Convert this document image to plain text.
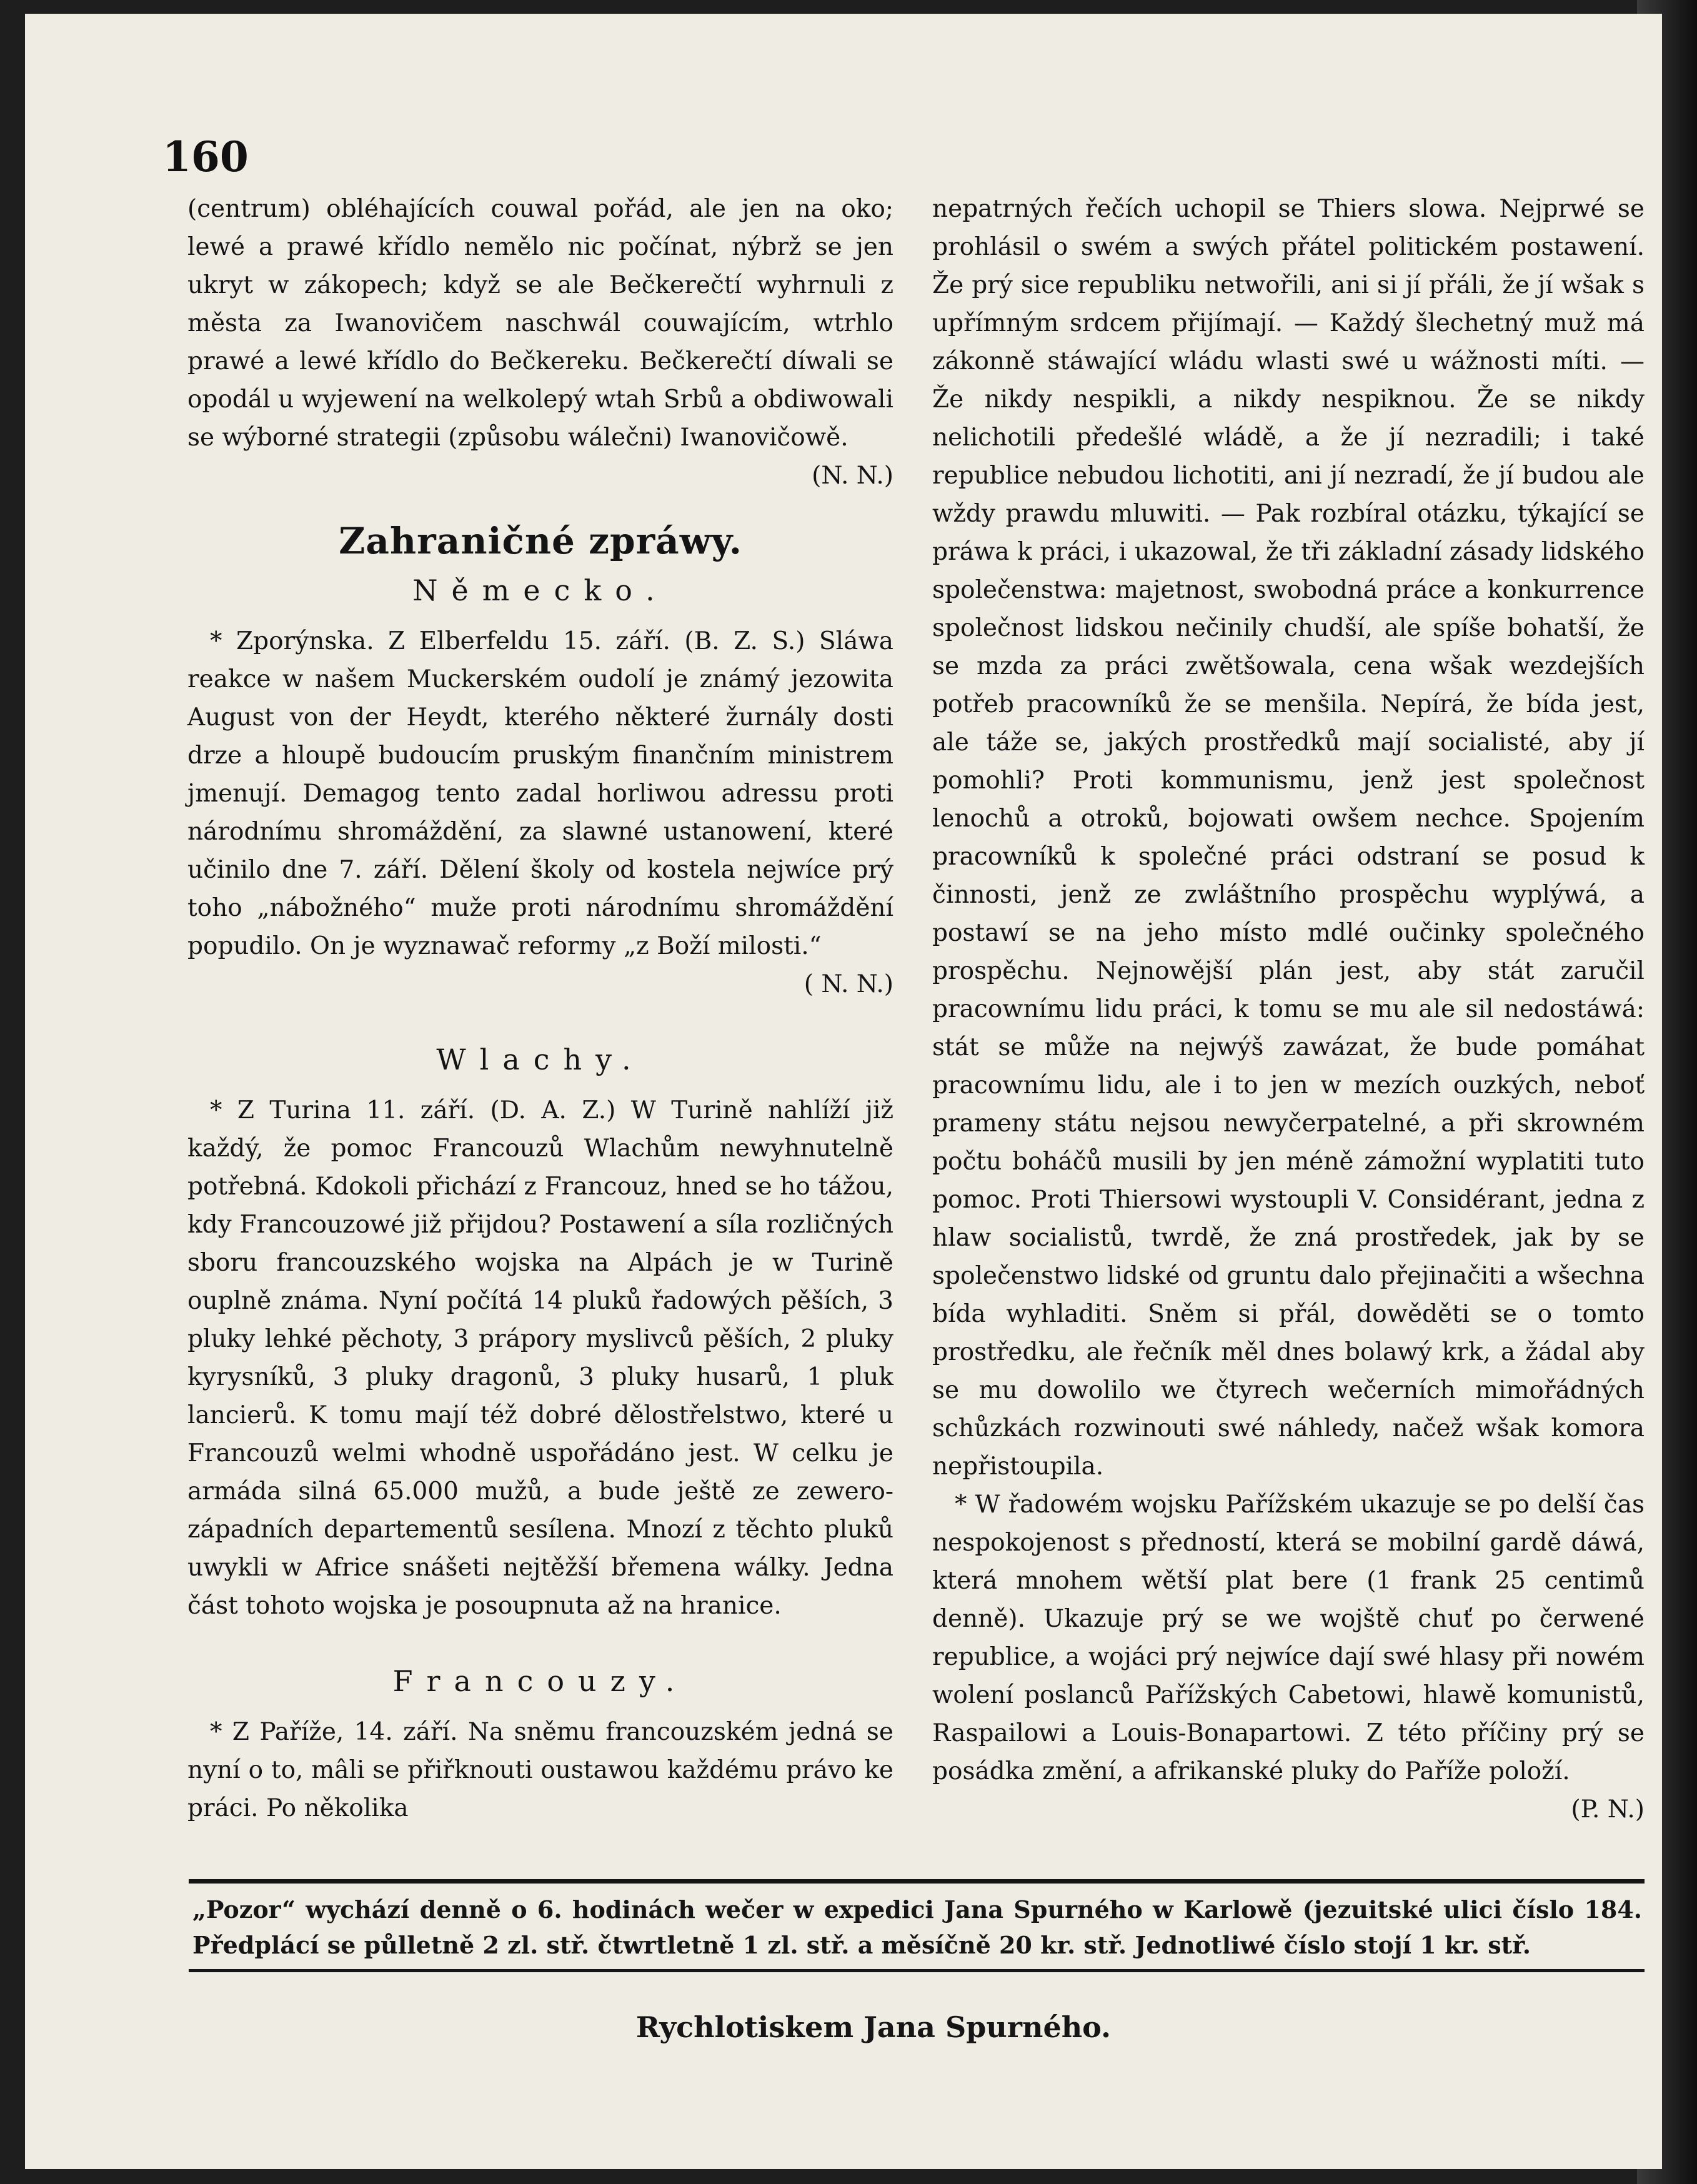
160

(centrum) obléhajících couwal pořád, ale jen na oko; lewé a prawé křídlo nemělo nic počínat, nýbrž se jen ukryt w zákopech; když se ale Bečkerečtí wyhrnuli z města za Iwanovičem naschwál couwajícím, wtrhlo prawé a lewé křídlo do Bečkereku. Bečkerečtí díwali se opodál u wyjewení na welkolepý wtah Srbů a obdiwowali se wýborné strategii (způsobu wálečni) Iwanovičowě.

(N. N.)

Zahraničné zpráwy.
Německo.

* Zporýnska. Z Elberfeldu 15. září. (B. Z. S.) Sláwa reakce w našem Muckerském oudolí je známý jezowita August von der Heydt, kterého některé žurnály dosti drze a hloupě budoucím pruským finančním ministrem jmenují. Demagog tento zadal horliwou adressu proti národnímu shromáždění, za slawné ustanowení, které učinilo dne 7. září. Dělení školy od kostela nejwíce prý toho „nábožného“ muže proti národnímu shromáždění popudilo. On je wyznawač reformy „z Boží milosti.“

( N. N.)

Wlachy.

* Z Turina 11. září. (D. A. Z.) W Turině nahlíží již každý, že pomoc Francouzů Wlachům newyhnutelně potřebná. Kdokoli přichází z Francouz, hned se ho tážou, kdy Francouzowé již přijdou? Postawení a síla rozličných sboru francouzského wojska na Alpách je w Turině ouplně známa. Nyní počítá 14 pluků řadowých pěších, 3 pluky lehké pěchoty, 3 prápory myslivců pěších, 2 pluky kyrysníků, 3 pluky dragonů, 3 pluky husarů, 1 pluk lancierů. K tomu mají též dobré dělostřelstwo, které u Francouzů welmi whodně uspořádáno jest. W celku je armáda silná 65.000 mužů, a bude ještě ze zewero-západních departementů sesílena. Mnozí z těchto pluků uwykli w Africe snášeti nejtěžší břemena wálky. Jedna část tohoto wojska je posoupnuta až na hranice.

Francouzy.

* Z Paříže, 14. září. Na sněmu francouzském jedná se nyní o to, mâli se přiřknouti oustawou každému právo ke práci. Po několika

nepatrných řečích uchopil se Thiers slowa. Nejprwé se prohlásil o swém a swých přátel politickém postawení. Že prý sice republiku netwořili, ani si jí přáli, že jí wšak s upřímným srdcem přijímají. — Každý šlechetný muž má zákonně stáwající wládu wlasti swé u wážnosti míti. — Že nikdy nespikli, a nikdy nespiknou. Že se nikdy nelichotili předešlé wládě, a že jí nezradili; i také republice nebudou lichotiti, ani jí nezradí, že jí budou ale wždy prawdu mluwiti. — Pak rozbíral otázku, týkající se práwa k práci, i ukazowal, že tři základní zásady lidského společenstwa: majetnost, swobodná práce a konkurrence společnost lidskou nečinily chudší, ale spíše bohatší, že se mzda za práci zwětšowala, cena wšak wezdejších potřeb pracowníků že se menšila. Nepírá, že bída jest, ale táže se, jakých prostředků mají socialisté, aby jí pomohli? Proti kommunismu, jenž jest společnost lenochů a otroků, bojowati owšem nechce. Spojením pracowníků k společné práci odstraní se posud k činnosti, jenž ze zwláštního prospěchu wyplýwá, a postawí se na jeho místo mdlé oučinky společného prospěchu. Nejnowější plán jest, aby stát zaručil pracownímu lidu práci, k tomu se mu ale sil nedostáwá: stát se může na nejwýš zawázat, že bude pomáhat pracownímu lidu, ale i to jen w mezích ouzkých, neboť prameny státu nejsou newyčerpatelné, a při skrowném počtu boháčů musili by jen méně zámožní wyplatiti tuto pomoc. Proti Thiersowi wystoupli V. Considérant, jedna z hlaw socialistů, twrdě, že zná prostředek, jak by se společenstwo lidské od gruntu dalo přejinačiti a wšechna bída wyhladiti. Sněm si přál, dowěděti se o tomto prostředku, ale řečník měl dnes bolawý krk, a žádal aby se mu dowolilo we čtyrech wečerních mimořádných schůzkách rozwinouti swé náhledy, načež wšak komora nepřistoupila.

* W řadowém wojsku Pařížském ukazuje se po delší čas nespokojenost s předností, která se mobilní gardě dáwá, která mnohem wětší plat bere (1 frank 25 centimů denně). Ukazuje prý se we wojště chuť po čerwené republice, a wojáci prý nejwíce dají swé hlasy při nowém wolení poslanců Pařížských Cabetowi, hlawě komunistů, Raspailowi a Louis-Bonapartowi. Z této příčiny prý se posádka změní, a afrikanské pluky do Paříže položí.

(P. N.)

„Pozor“ wychází denně o 6. hodinách wečer w expedici Jana Spurného w Karlowě (jezuitské ulici číslo 184. Předplácí se půlletně 2 zl. stř. čtwrtletně 1 zl. stř. a měsíčně 20 kr. stř. Jednotliwé číslo stojí 1 kr. stř.
Rychlotiskem Jana Spurného.
